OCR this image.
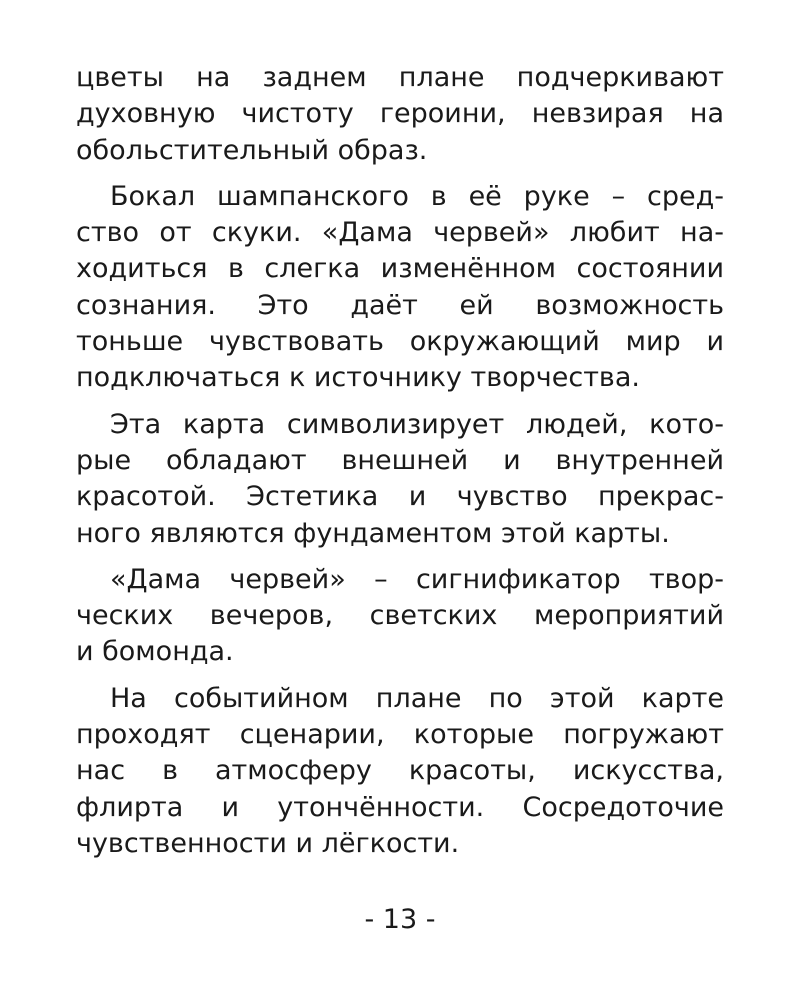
цветы на заднем плане подчеркивают
духовную чистоту героини, невзирая на
обольстительный образ.

Бокал шампанского в её руке – сред-
ство от скуки. «Дама червей» любит на-
ходиться в слегка изменённом состоянии
сознания. Это даёт ей возможность
тоньше чувствовать окружающий мир и
подключаться к источнику творчества.

Эта карта символизирует людей, кото-
рые обладают внешней и внутренней
красотой. Эстетика и чувство прекрас-
ного являются фундаментом этой карты.

«Дама червей» – сигнификатор твор-
ческих вечеров, светских мероприятий
и бомонда.

На событийном плане по этой карте
проходят сценарии, которые погружают
нас в атмосферу красоты, искусства,
флирта и утончённости. Сосредоточие
чувственности и лёгкости.

- 13 -
